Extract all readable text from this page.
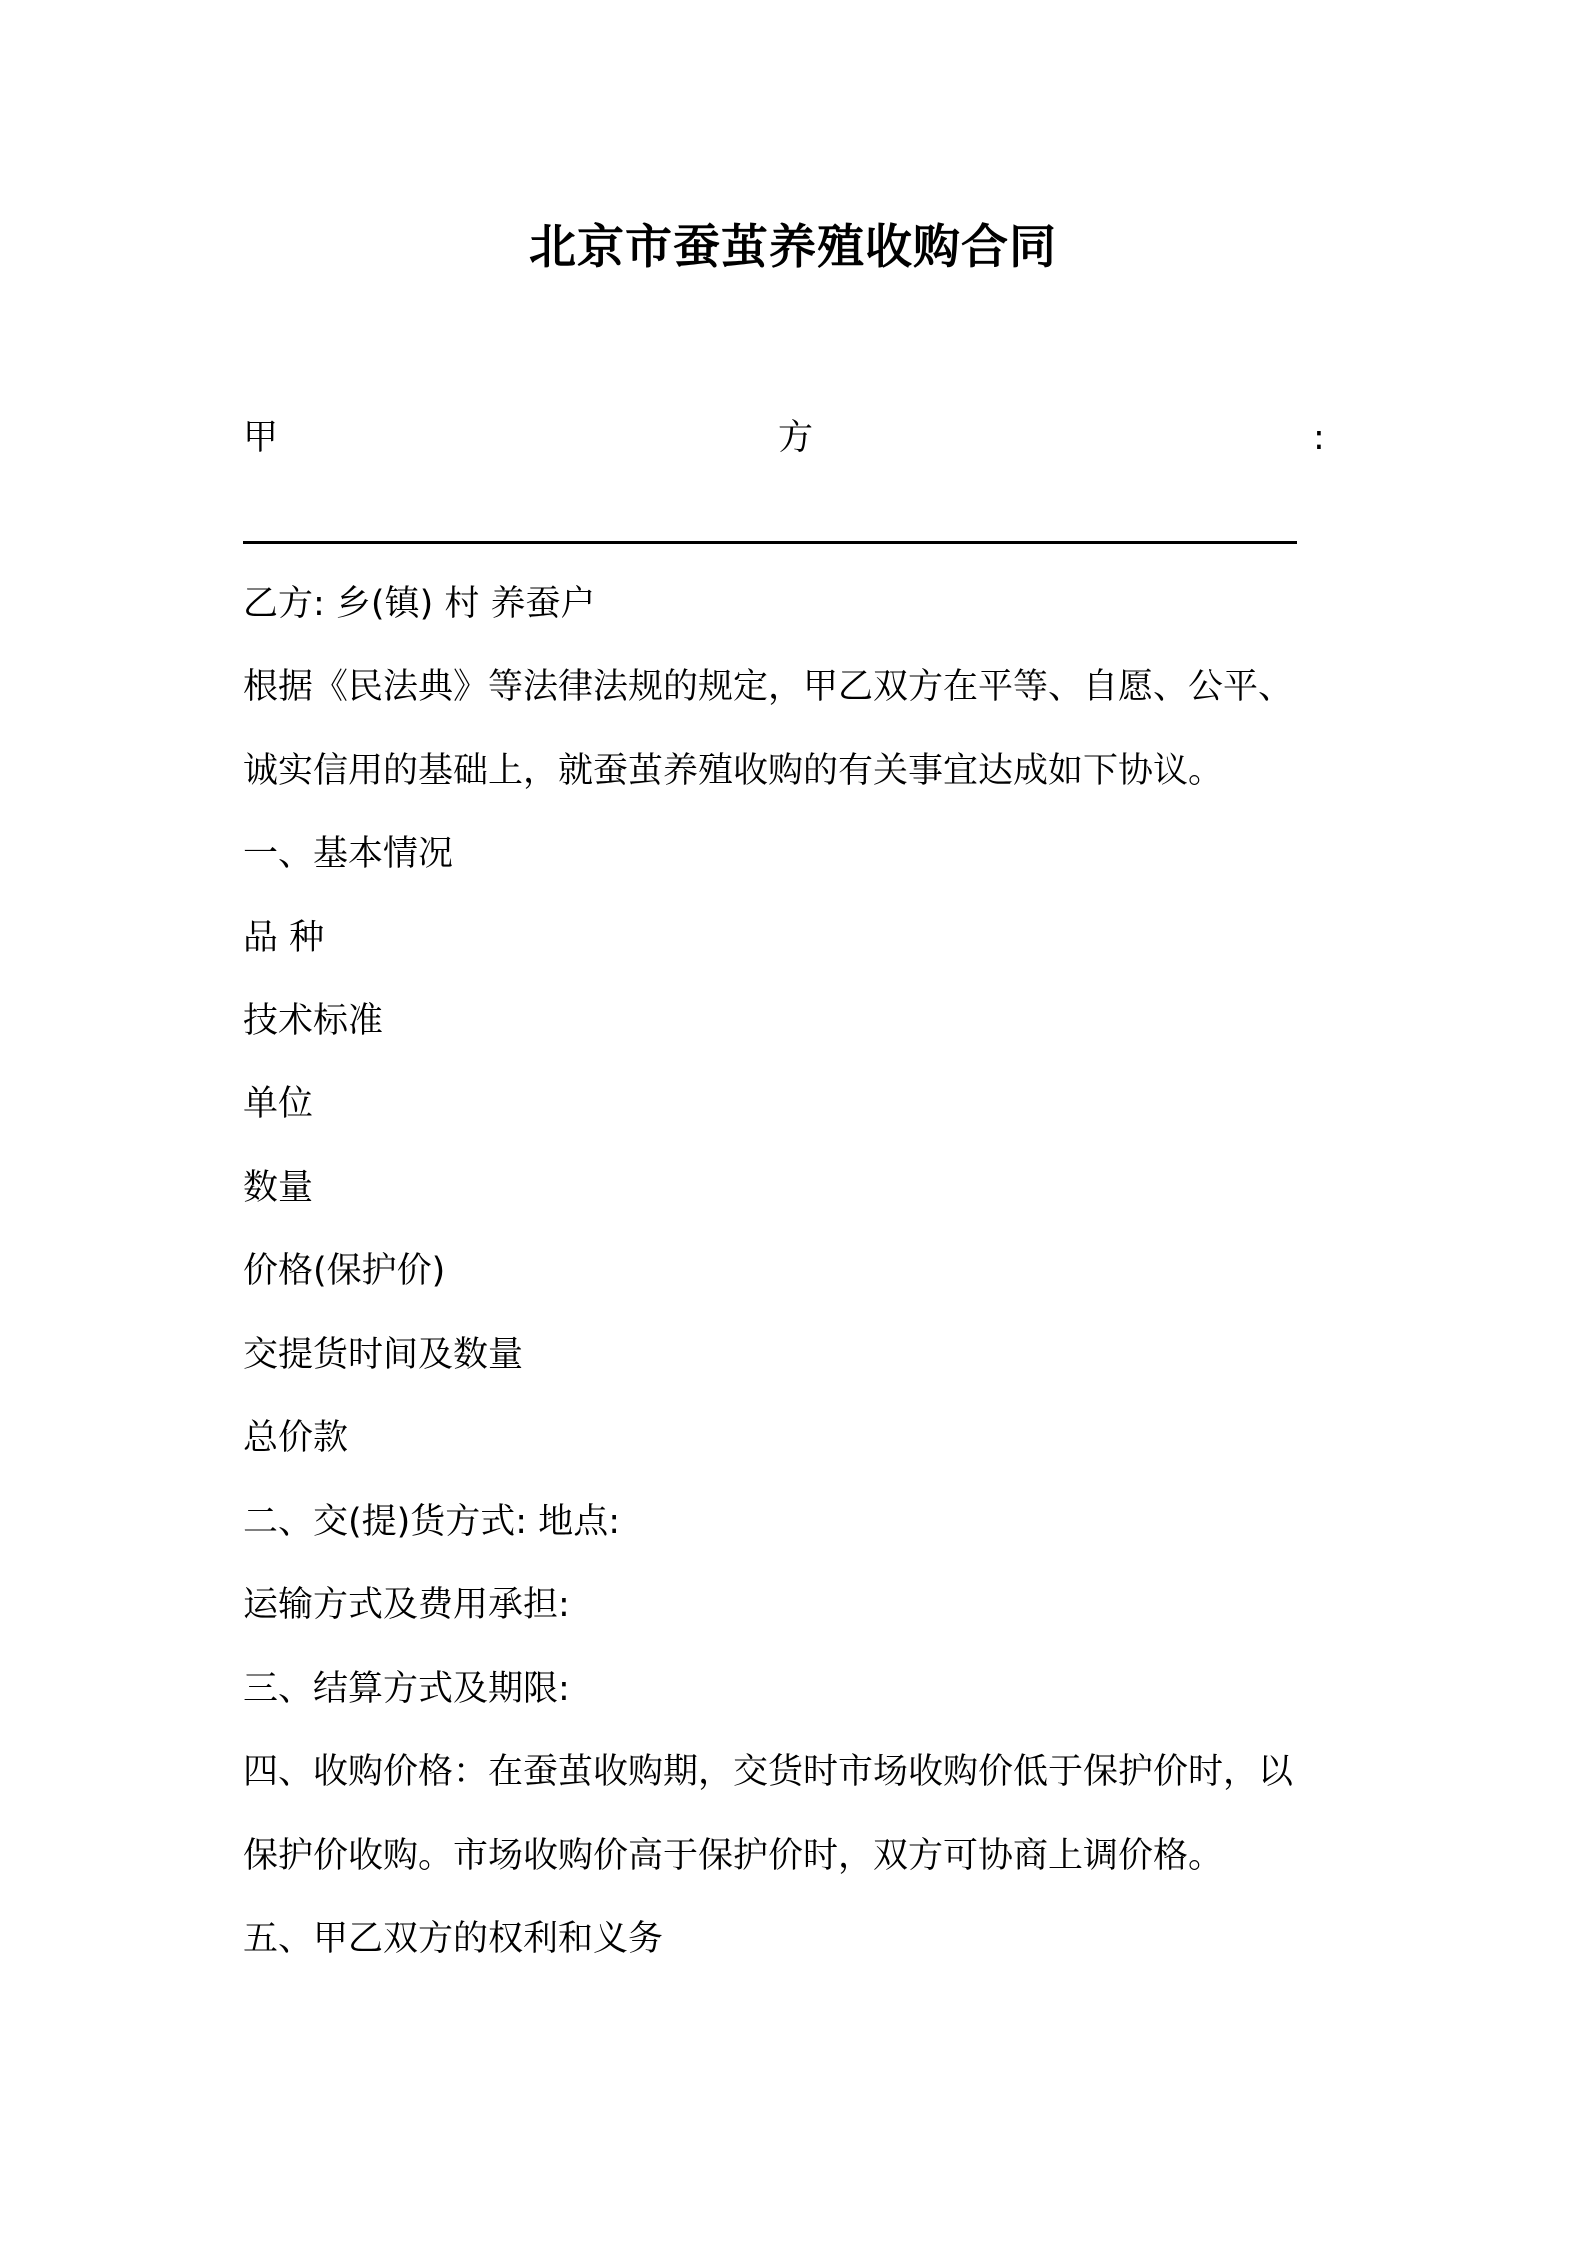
北京市蚕茧养殖收购合同
甲	方	:
乙方: 乡(镇) 村 养蚕户
根据《民法典》等法律法规的规定，甲乙双方在平等、自愿、公平、
诚实信用的基础上，就蚕茧养殖收购的有关事宜达成如下协议。
一、基本情况
品 种
技术标准
单位
数量
价格(保护价)
交提货时间及数量
总价款
二、交(提)货方式: 地点:
运输方式及费用承担:
三、结算方式及期限:
四、收购价格：在蚕茧收购期，交货时市场收购价低于保护价时，以
保护价收购。市场收购价高于保护价时，双方可协商上调价格。
五、甲乙双方的权利和义务
